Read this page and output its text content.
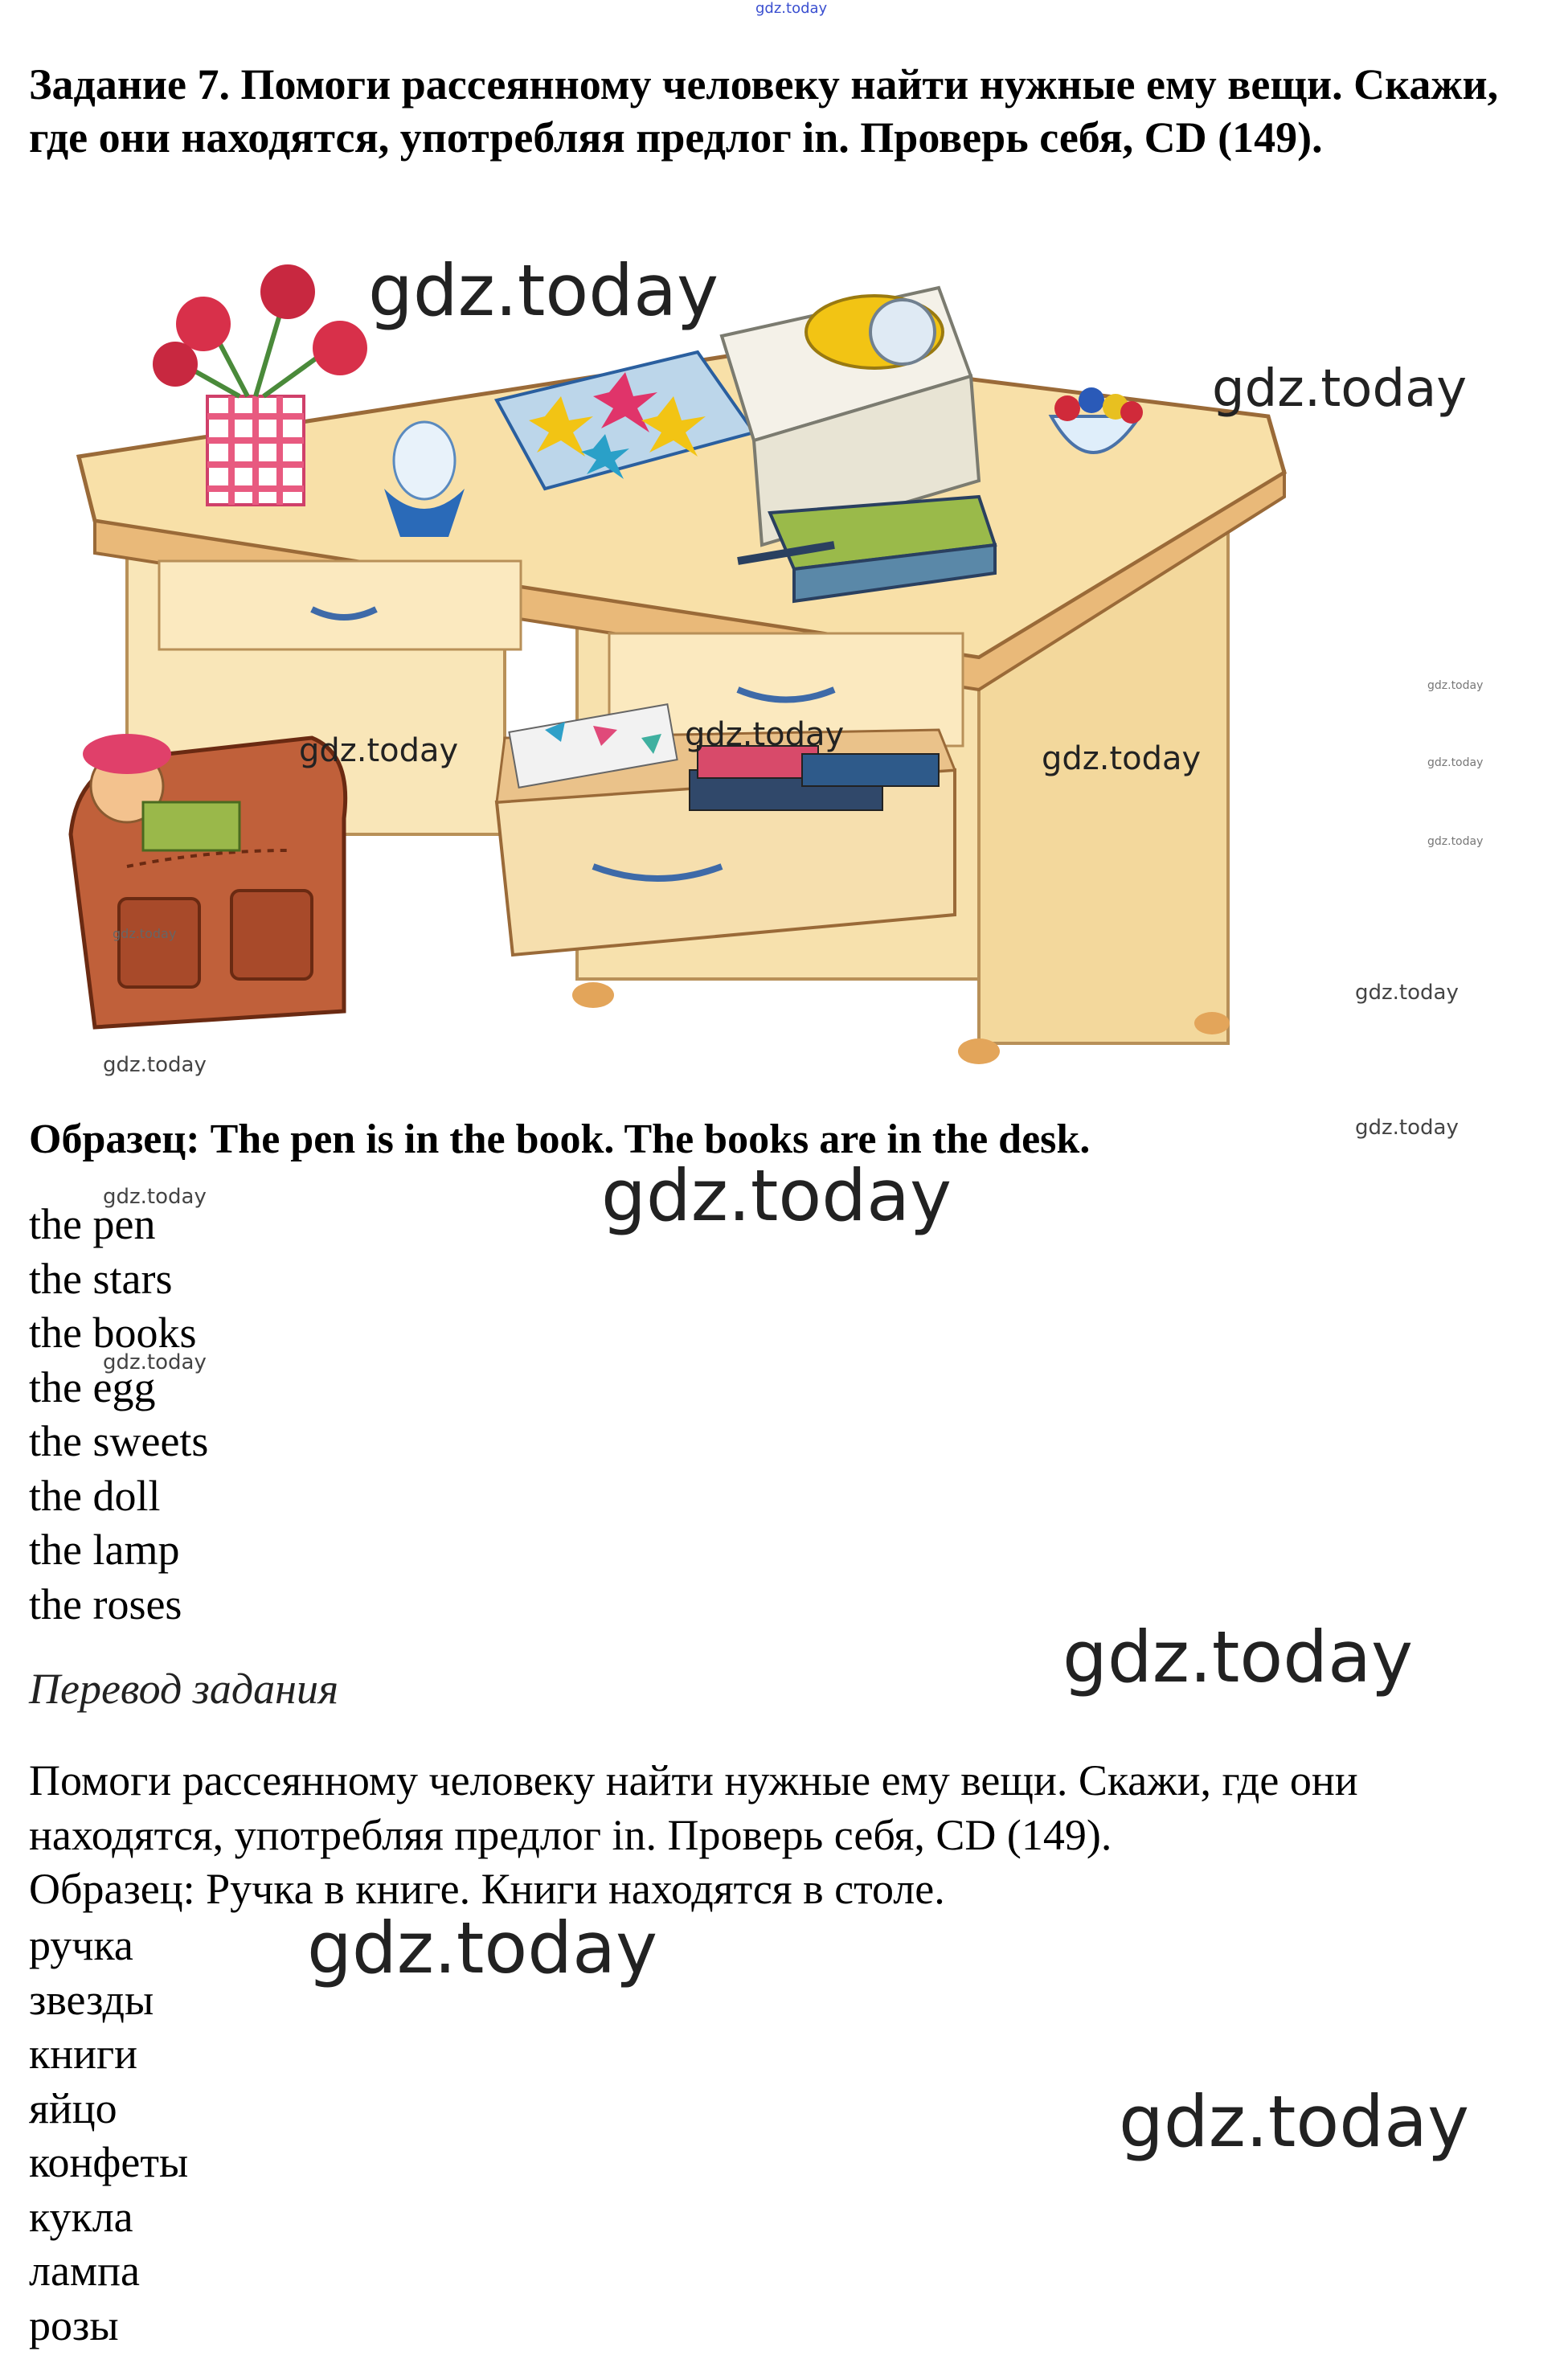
gdz.today

Задание 7. Помоги рассеянному человеку найти нужные ему вещи. Скажи, где они находятся, употребляя предлог in. Проверь себя, CD (149).

gdz.today
gdz.today
gdz.today	gdz.today
gdz.today
gdz.today
gdz.today
gdz.today
gdz.today
gdz.today
gdz.today
gdz.today
Образец: The pen is in the book. The books are in the desk.
gdz.today	gdz.today
gdz.today
the pen
the stars
the books
the egg
the sweets
the doll
the lamp
the roses
Перевод задания	gdz.today
Помоги рассеянному человеку найти нужные ему вещи. Скажи, где они находятся, употребляя предлог in. Проверь себя, CD (149).
Образец: Ручка в книге. Книги находятся в столе.
gdz.today
gdz.today
ручка
звезды
книги
яйцо
конфеты
кукла
лампа
розы
